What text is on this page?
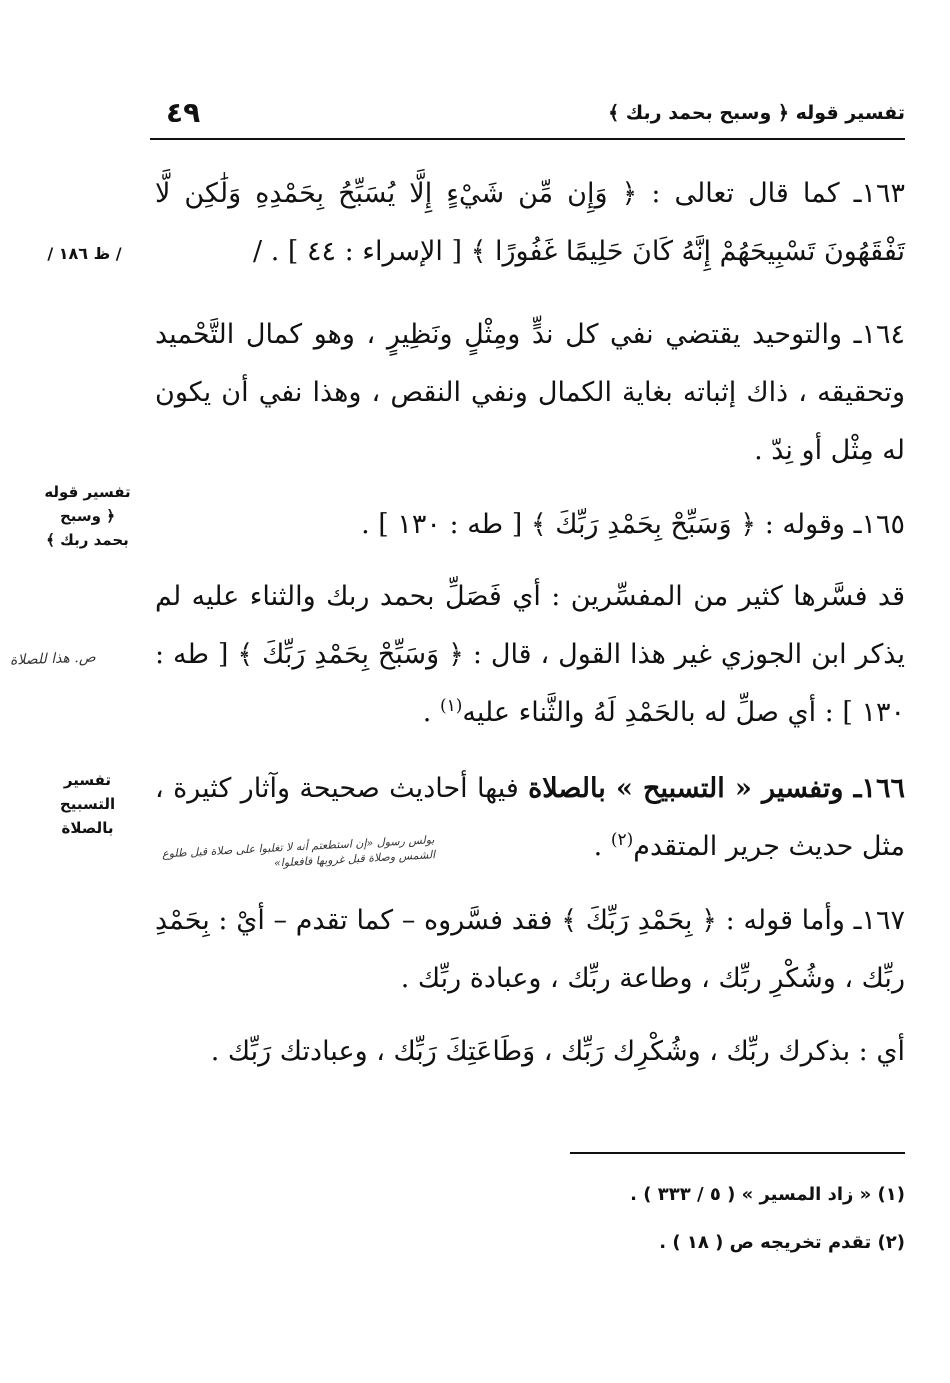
تفسير قوله ﴿ وسبح بحمد ربك ﴾
٤٩
١٦٣ـ كما قال تعالى : ﴿ وَإِن مِّن شَيْءٍ إِلَّا يُسَبِّحُ بِحَمْدِهِ وَلَٰكِن لَّا تَفْقَهُونَ تَسْبِيحَهُمْ إِنَّهُ كَانَ حَلِيمًا غَفُورًا ﴾ [ الإسراء : ٤٤ ] . /
١٦٤ـ والتوحيد يقتضي نفي كل ندٍّ ومِثْلٍ ونَظِيرٍ ، وهو كمال التَّحْميد وتحقيقه ، ذاك إثباته بغاية الكمال ونفي النقص ، وهذا نفي أن يكون له مِثْل أو نِدّ .
١٦٥ـ وقوله : ﴿ وَسَبِّحْ بِحَمْدِ رَبِّكَ ﴾ [ طه : ١٣٠ ] .
قد فسَّرها كثير من المفسِّرين : أي فَصَلِّ بحمد ربك والثناء عليه لم يذكر ابن الجوزي غير هذا القول ، قال : ﴿ وَسَبِّحْ بِحَمْدِ رَبِّكَ ﴾ [ طه : ١٣٠ ] : أي صلِّ له بالحَمْدِ لَهُ والثَّناء عليه$^{(١)}$ .
١٦٦ـ وتفسير « التسبيح » بالصلاة فيها أحاديث صحيحة وآثار كثيرة ، مثل حديث جرير المتقدم$^{(٢)}$ .
١٦٧ـ وأما قوله : ﴿ بِحَمْدِ رَبِّكَ ﴾ فقد فسَّروه – كما تقدم – أيْ : بِحَمْدِ ربِّك ، وشُكْرِ ربِّك ، وطاعة ربِّك ، وعبادة ربِّك .
أي : بذكرك ربِّك ، وشُكْرِك رَبِّك ، وَطَاعَتِكَ رَبِّك ، وعبادتك رَبِّك .
/ ظ ١٨٦ /
تفسير قوله ﴿ وسبح بحمد ربك ﴾
تفسير التسبيح بالصلاة
ص. هذا للصلاة
بولس رسول «إن استطعتم أنه لا تغلبوا على صلاة قبل طلوع الشمس وصلاة قبل غروبها فافعلوا»
(١) « زاد المسير » ( ٥ / ٣٣٣ ) .
(٢) تقدم تخريجه ص ( ١٨ ) .
